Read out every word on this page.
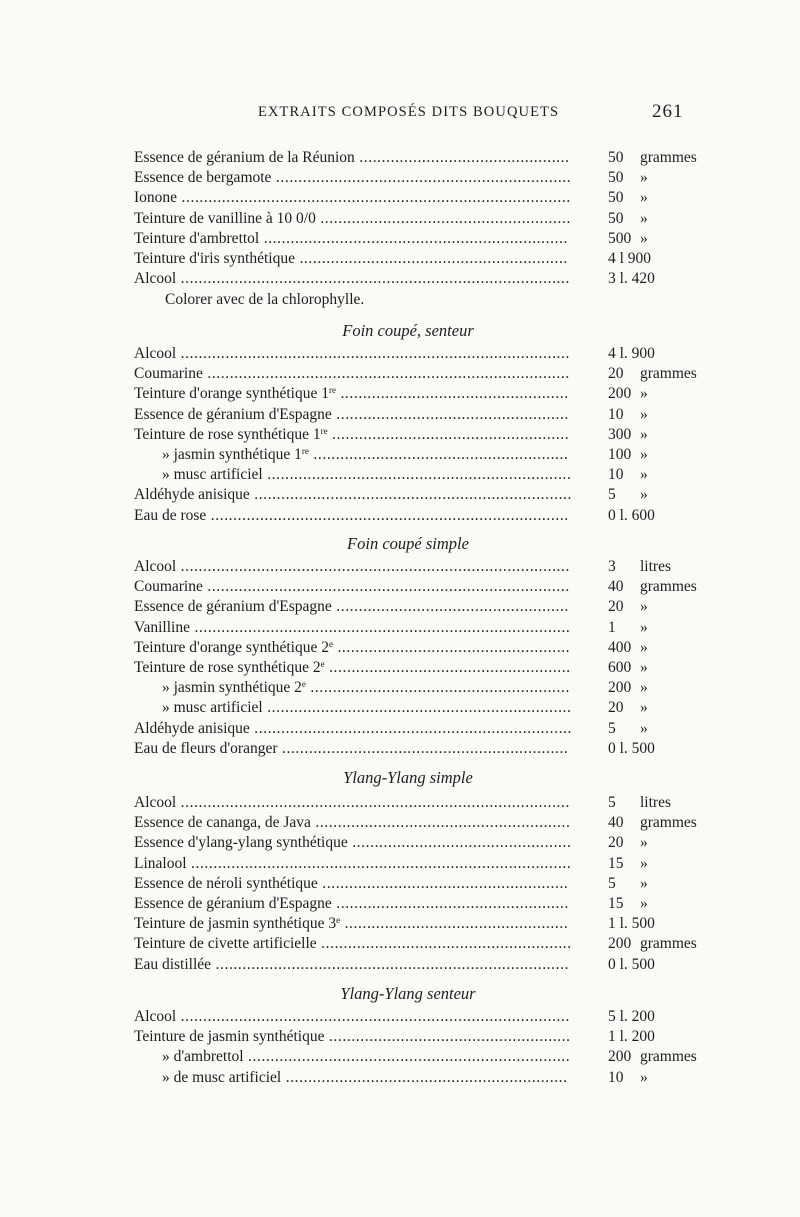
EXTRAITS COMPOSÉS DITS BOUQUETS	261
Essence de géranium de la Réunion ............................................... 50 grammes
Essence de bergamote .................................................................. 50 »
Ionone ....................................................................................... 50 »
Teinture de vanilline à 10 0/0 ........................................................ 50 »
Teinture d'ambrettol ....................................................................	500 »
Teinture d'iris synthétique ............................................................	4 l 900
Alcool ....................................................................................... 3 l. 420
Colorer avec de la chlorophylle.
Foin coupé, senteur
Alcool ....................................................................................... 4 l. 900
Coumarine ................................................................................. 20 grammes
Teinture d'orange synthétique 1re ...................................................	200 »
Essence de géranium d'Espagne ....................................................	10 »
Teinture de rose synthétique 1re .....................................................	300 »
» jasmin synthétique 1re .........................................................	100 »
» musc artificiel .................................................................... 10 »
Aldéhyde anisique ....................................................................... 5 »
Eau de rose ................................................................................	0 l. 600
Foin coupé simple
Alcool ....................................................................................... 3 litres
Coumarine ................................................................................. 40 grammes
Essence de géranium d'Espagne ....................................................	20 »
Vanilline .................................................................................... 1 »
Teinture d'orange synthétique 2e .................................................... 400 »
Teinture de rose synthétique 2e ...................................................... 600 »
» jasmin synthétique 2e .......................................................... 200 »
» musc artificiel .................................................................... 20 »
Aldéhyde anisique ....................................................................... 5 »
Eau de fleurs d'oranger ................................................................	0 l. 500
Ylang-Ylang simple
Alcool ....................................................................................... 5 litres
Essence de cananga, de Java ......................................................... 40 grammes
Essence d'ylang-ylang synthétique ................................................. 20 »
Linalool ..................................................................................... 15 »
Essence de néroli synthétique .......................................................	5 »
Essence de géranium d'Espagne ....................................................	15 »
Teinture de jasmin synthétique 3e ..................................................	1 l. 500
Teinture de civette artificielle ........................................................ 200 grammes
Eau distillée ...............................................................................	0 l. 500
Ylang-Ylang senteur
Alcool ....................................................................................... 5 l. 200
Teinture de jasmin synthétique ...................................................... 1 l. 200
» d'ambrettol ........................................................................ 200 grammes
» de musc artificiel ...............................................................	10 »
